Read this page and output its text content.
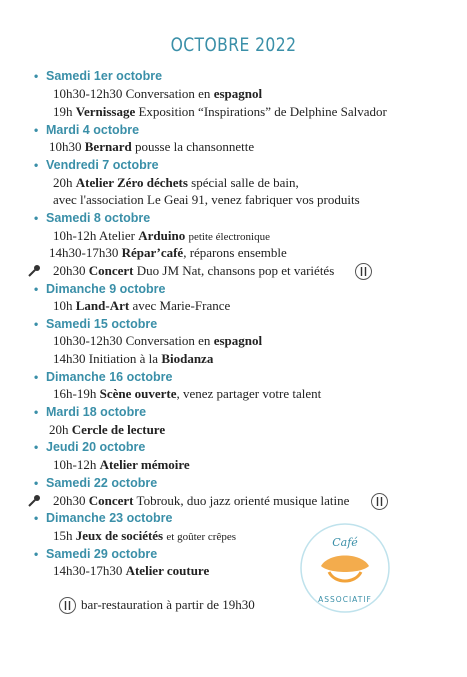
OCTOBRE 2022
• Samedi 1er octobre
10h30-12h30 Conversation en espagnol
19h Vernissage Exposition “Inspirations” de Delphine Salvador
• Mardi 4 octobre
10h30 Bernard pousse la chansonnette
• Vendredi 7 octobre
20h Atelier Zéro déchets spécial salle de bain,
avec l'association Le Geai 91, venez fabriquer vos produits
• Samedi 8 octobre
10h-12h Atelier Arduino petite électronique
14h30-17h30 Répar’café, réparons ensemble
20h30 Concert Duo JM Nat, chansons pop et variétés
• Dimanche 9 octobre
10h Land-Art avec Marie-France
• Samedi 15 octobre
10h30-12h30 Conversation en espagnol
14h30 Initiation à la Biodanza
• Dimanche 16 octobre
16h-19h Scène ouverte, venez partager votre talent
• Mardi 18 octobre
20h Cercle de lecture
• Jeudi 20 octobre
10h-12h Atelier mémoire
• Samedi 22 octobre
20h30 Concert Tobrouk, duo jazz orienté musique latine
• Dimanche 23 octobre
15h Jeux de sociétés et goûter crêpes
• Samedi 29 octobre
14h30-17h30 Atelier couture
bar-restauration à partir de 19h30
Café
ASSOCIATIF
